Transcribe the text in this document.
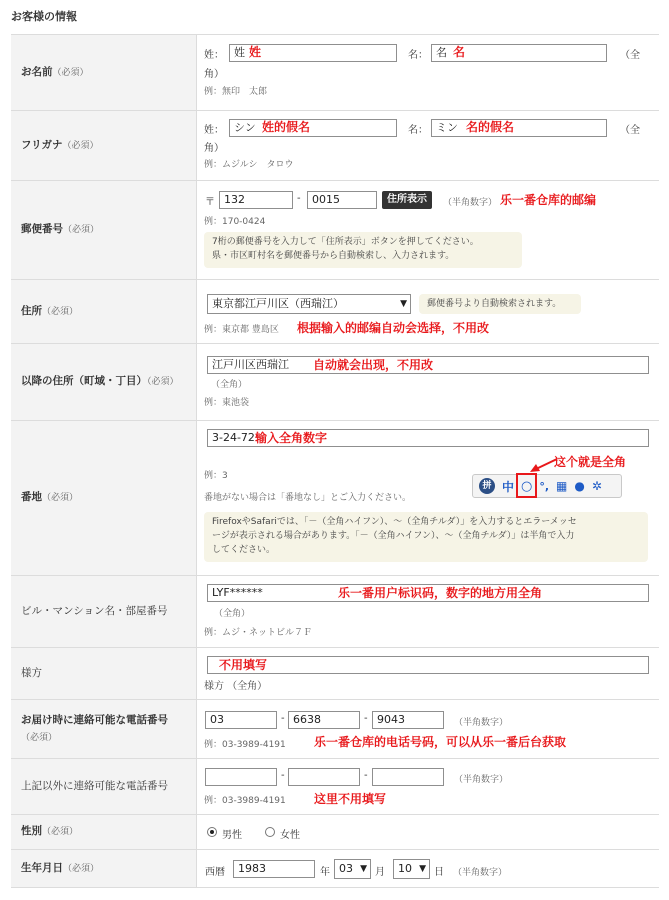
お客様の情報
お名前（必須）
姓： 姓 姓	名： 名 名	（全
角）
例：無印　太郎
フリガナ（必須）
姓： シン 姓的假名	名： ミン 名的假名	（全
角）
例：ムジルシ　タロウ
郵便番号（必須）
〒 132	-	0015	住所表示	（半角数字） 乐一番仓库的邮编
例：170-0424
7桁の郵便番号を入力して「住所表示」ボタンを押してください。
県・市区町村名を郵便番号から自動検索し、入力されます。
住所（必須）
東京都江戸川区（西瑞江）	▼	郵便番号より自動検索されます。
例：東京都 豊島区 根据输入的邮编自动会选择，不用改
以降の住所（町域・丁目）（必須）
江戸川区西瑞江	自动就会出现，不用改
（全角）
例：東池袋
番地（必須）
3-24-72 输入全角数字
这个就是全角
例：3
番地がない場合は「番地なし」とご入力ください。
拼 中 ○ °, ▦ ● ✲
FirefoxやSafariでは、「－（全角ハイフン）、～（全角チルダ）」を入力するとエラーメッセ
ージが表示される場合があります。「－（全角ハイフン）、～（全角チルダ）」は半角で入力
してください。
ビル・マンション名・部屋番号
LYF******	乐一番用户标识码，数字的地方用全角
（全角）
例：ムジ・ネットビル７Ｆ
様方
不用填写
様方 （全角）
お届け時に連絡可能な電話番号
（必須）
03	- 6638	- 9043	（半角数字）
例：03-3989-4191 乐一番仓库的电话号码，可以从乐一番后台获取
上記以外に連絡可能な電話番号
-	-	（半角数字）
例：03-3989-4191 这里不用填写
性別（必須）	男性	女性
生年月日（必須）	西暦	1983	年 03 ▼ 月	10 ▼ 日 （半角数字）
